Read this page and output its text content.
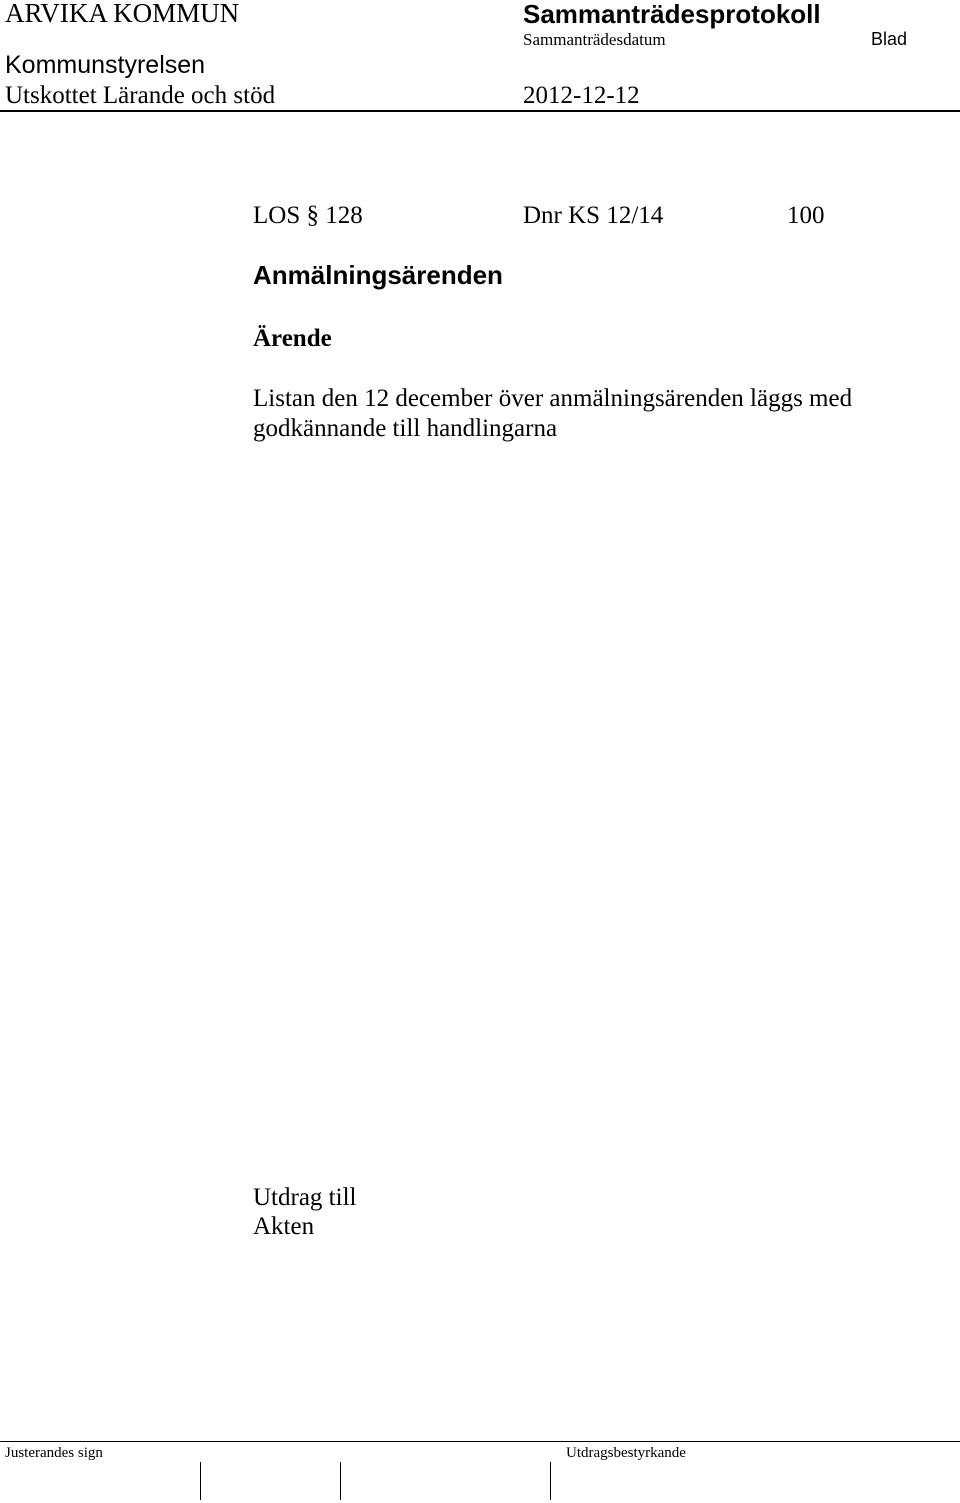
ARVIKA KOMMUN	Sammanträdesprotokoll
Sammanträdesdatum	Blad
Kommunstyrelsen
Utskottet Lärande och stöd	2012-12-12
LOS § 128	Dnr KS 12/14	100
Anmälningsärenden
Ärende
Listan den 12 december över anmälningsärenden läggs med godkännande till handlingarna
Utdrag till
Akten
Justerandes sign	Utdragsbestyrkande
